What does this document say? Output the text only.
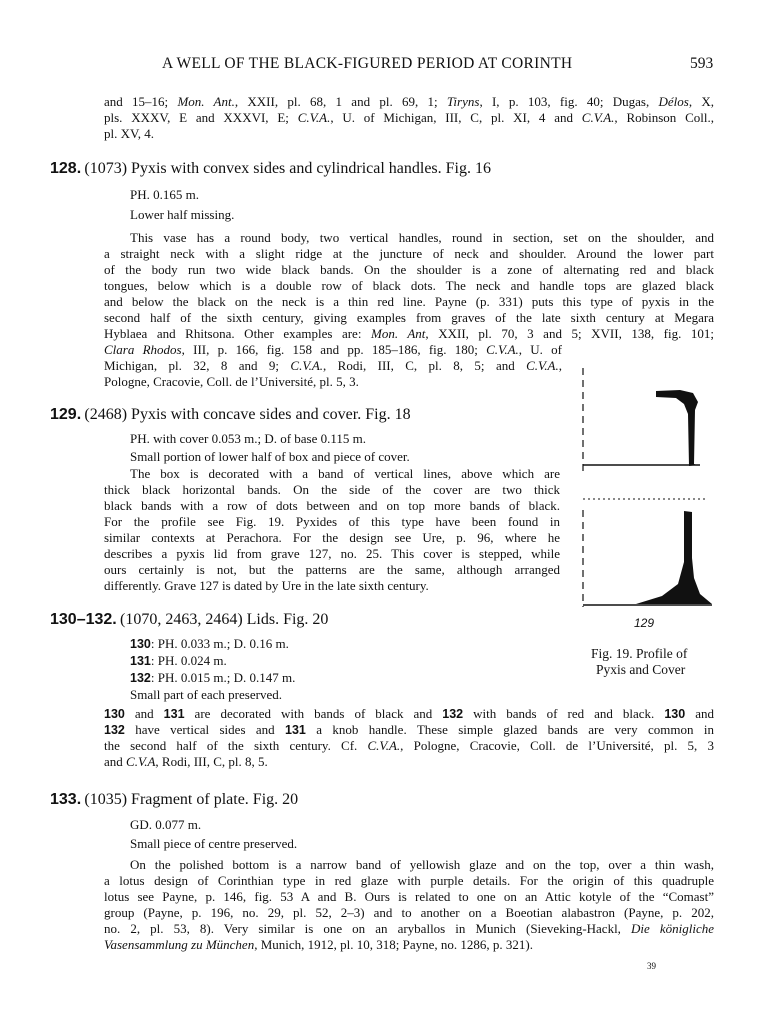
A WELL OF THE BLACK-FIGURED PERIOD AT CORINTH	593
and 15–16; Mon. Ant., XXII, pl. 68, 1 and pl. 69, 1; Tiryns, I, p. 103, fig. 40; Dugas, Délos, X,
pls. XXXV, E and XXXVI, E; C.V.A., U. of Michigan, III, C, pl. XI, 4 and C.V.A., Robinson Coll.,
pl. XV, 4.
128. (1073) Pyxis with convex sides and cylindrical handles. Fig. 16
PH. 0.165 m.
Lower half missing.
This vase has a round body, two vertical handles, round in section, set on the shoulder, and
a straight neck with a slight ridge at the juncture of neck and shoulder. Around the lower part
of the body run two wide black bands. On the shoulder is a zone of alternating red and black
tongues, below which is a double row of black dots. The neck and handle tops are glazed black
and below the black on the neck is a thin red line. Payne (p. 331) puts this type of pyxis in the
second half of the sixth century, giving examples from graves of the late sixth century at Megara
Hyblaea and Rhitsona. Other examples are: Mon. Ant, XXII, pl. 70, 3 and 5; XVII, 138, fig. 101;
Clara Rhodos, III, p. 166, fig. 158 and pp. 185–186, fig. 180; C.V.A., U. of
Michigan, pl. 32, 8 and 9; C.V.A., Rodi, III, C, pl. 8, 5; and C.V.A.,
Pologne, Cracovie, Coll. de l’Université, pl. 5, 3.
129. (2468) Pyxis with concave sides and cover. Fig. 18
PH. with cover 0.053 m.; D. of base 0.115 m.
Small portion of lower half of box and piece of cover.
The box is decorated with a band of vertical lines, above which are
thick black horizontal bands. On the side of the cover are two thick
black bands with a row of dots between and on top more bands of black.
For the profile see Fig. 19. Pyxides of this type have been found in
similar contexts at Perachora. For the design see Ure, p. 96, where he
describes a pyxis lid from grave 127, no. 25. This cover is stepped, while
ours certainly is not, but the patterns are the same, although arranged
differently. Grave 127 is dated by Ure in the late sixth century.
129
Fig. 19. Profile of
Pyxis and Cover
130–132. (1070, 2463, 2464) Lids. Fig. 20
130: PH. 0.033 m.; D. 0.16 m.
131: PH. 0.024 m.
132: PH. 0.015 m.; D. 0.147 m.
Small part of each preserved.
130 and 131 are decorated with bands of black and 132 with bands of red and black. 130 and
132 have vertical sides and 131 a knob handle. These simple glazed bands are very common in
the second half of the sixth century. Cf. C.V.A., Pologne, Cracovie, Coll. de l’Université, pl. 5, 3
and C.V.A, Rodi, III, C, pl. 8, 5.
133. (1035) Fragment of plate. Fig. 20
GD. 0.077 m.
Small piece of centre preserved.
On the polished bottom is a narrow band of yellowish glaze and on the top, over a thin wash,
a lotus design of Corinthian type in red glaze with purple details. For the origin of this quadruple
lotus see Payne, p. 146, fig. 53 A and B. Ours is related to one on an Attic kotyle of the “Comast”
group (Payne, p. 196, no. 29, pl. 52, 2–3) and to another on a Boeotian alabastron (Payne, p. 202,
no. 2, pl. 53, 8). Very similar is one on an aryballos in Munich (Sieveking-Hackl, Die königliche
Vasensammlung zu München, Munich, 1912, pl. 10, 318; Payne, no. 1286, p. 321).
39
